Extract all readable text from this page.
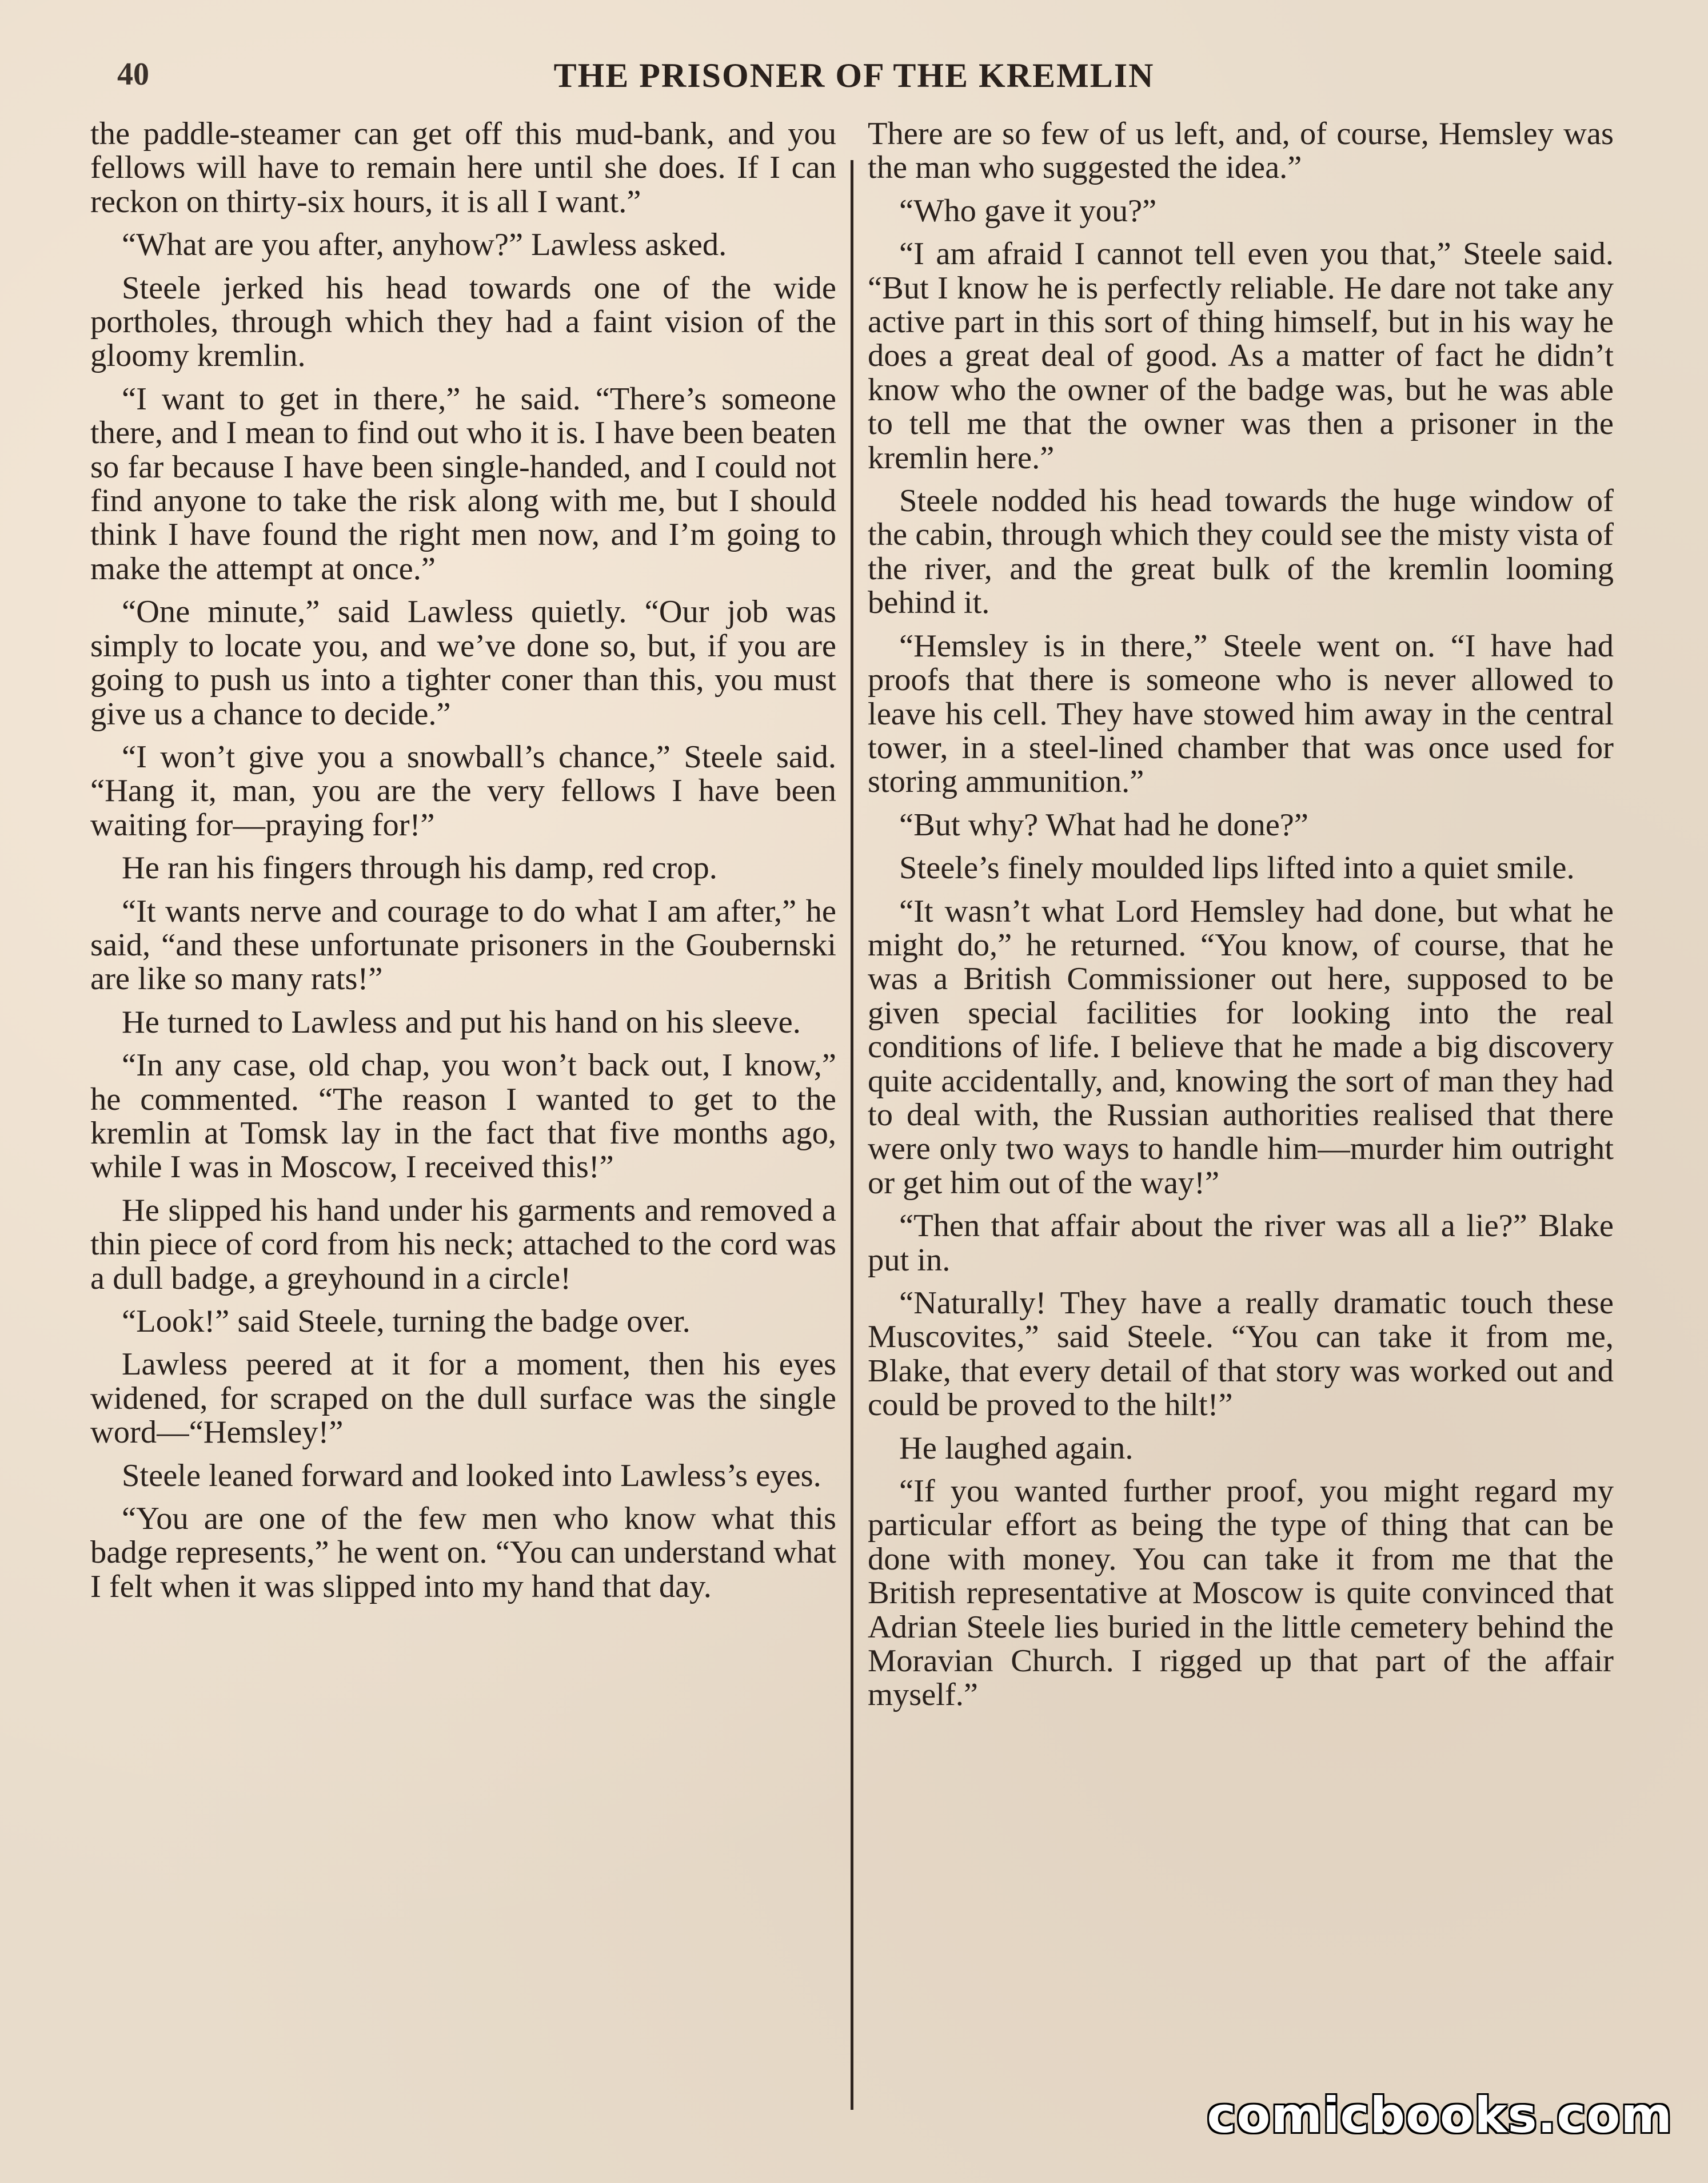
40	THE PRISONER OF THE KREMLIN

the paddle-steamer can get off this mud-bank, and you fellows will have to remain here until she does. If I can reckon on thirty-six hours, it is all I want.”

“What are you after, anyhow?” Lawless asked.

Steele jerked his head towards one of the wide portholes, through which they had a faint vision of the gloomy kremlin.

“I want to get in there,” he said. “There’s someone there, and I mean to find out who it is. I have been beaten so far because I have been single-handed, and I could not find anyone to take the risk along with me, but I should think I have found the right men now, and I’m going to make the attempt at once.”

“One minute,” said Lawless quietly. “Our job was simply to locate you, and we’ve done so, but, if you are going to push us into a tighter coner than this, you must give us a chance to decide.”

“I won’t give you a snowball’s chance,” Steele said. “Hang it, man, you are the very fellows I have been waiting for—praying for!”

He ran his fingers through his damp, red crop.

“It wants nerve and courage to do what I am after,” he said, “and these unfortunate prisoners in the Goubernski are like so many rats!”

He turned to Lawless and put his hand on his sleeve.

“In any case, old chap, you won’t back out, I know,” he commented. “The reason I wanted to get to the kremlin at Tomsk lay in the fact that five months ago, while I was in Moscow, I received this!”

He slipped his hand under his garments and removed a thin piece of cord from his neck; attached to the cord was a dull badge, a greyhound in a circle!

“Look!” said Steele, turning the badge over.

Lawless peered at it for a moment, then his eyes widened, for scraped on the dull surface was the single word—“Hemsley!”

Steele leaned forward and looked into Lawless’s eyes.

“You are one of the few men who know what this badge represents,” he went on. “You can understand what I felt when it was slipped into my hand that day.

There are so few of us left, and, of course, Hemsley was the man who suggested the idea.”

“Who gave it you?”

“I am afraid I cannot tell even you that,” Steele said. “But I know he is perfectly reliable. He dare not take any active part in this sort of thing himself, but in his way he does a great deal of good. As a matter of fact he didn’t know who the owner of the badge was, but he was able to tell me that the owner was then a prisoner in the kremlin here.”

Steele nodded his head towards the huge window of the cabin, through which they could see the misty vista of the river, and the great bulk of the kremlin looming behind it.

“Hemsley is in there,” Steele went on. “I have had proofs that there is someone who is never allowed to leave his cell. They have stowed him away in the central tower, in a steel-lined chamber that was once used for storing ammunition.”

“But why? What had he done?”

Steele’s finely moulded lips lifted into a quiet smile.

“It wasn’t what Lord Hemsley had done, but what he might do,” he returned. “You know, of course, that he was a British Commissioner out here, supposed to be given special facilities for looking into the real conditions of life. I believe that he made a big discovery quite accidentally, and, knowing the sort of man they had to deal with, the Russian authorities realised that there were only two ways to handle him—murder him outright or get him out of the way!”

“Then that affair about the river was all a lie?” Blake put in.

“Naturally! They have a really dramatic touch these Muscovites,” said Steele. “You can take it from me, Blake, that every detail of that story was worked out and could be proved to the hilt!”

He laughed again.

“If you wanted further proof, you might regard my particular effort as being the type of thing that can be done with money. You can take it from me that the British representative at Moscow is quite convinced that Adrian Steele lies buried in the little cemetery behind the Moravian Church. I rigged up that part of the affair myself.”

comicbooks.com
